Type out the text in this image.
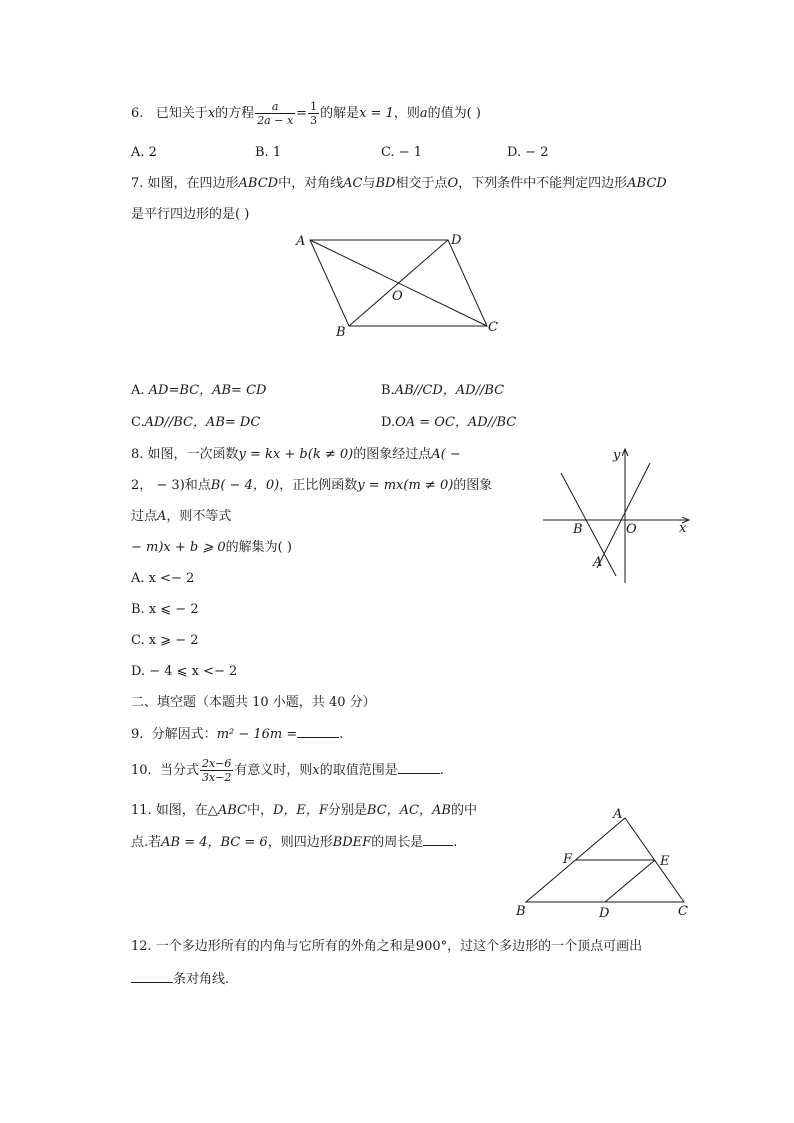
6. 已知关于x的方程 $\frac{a}{2a - x} = \frac{1}{3}$ 的解是x = 1，则a的值为( )
A. 2	B. 1	C. − 1	D. − 2
7. 如图，在四边形ABCD中，对角线AC与BD相交于点O，下列条件中不能判定四边形ABCD
是平行四边形的是( )
A	D
O
B	C
A. AD=BC，AB= CD	B.AB//CD，AD//BC
C.AD//BC，AB= DC	D.OA = OC，AD//BC
8. 如图，一次函数y = kx + b(k ≠ 0)的图象经过点A( −
2， − 3)和点B( − 4，0)，正比例函数y = mx(m ≠ 0)的图象
过点A，则不等式
− m)x + b ⩾ 0的解集为( )
A. x <− 2
B. x ⩽ − 2
C. x ⩾ − 2
D. − 4 ⩽ x <− 2
y
x
O
B
A
二、填空题（本题共 10 小题，共 40 分）
9. 分解因式：m² − 16m =	.
10. 当分式 $\frac{2x-6}{3x-2}$ 有意义时，则x的取值范围是	.
11. 如图，在△ABC中，D，E，F分别是BC，AC，AB的中
点.若AB = 4，BC = 6，则四边形BDEF的周长是 .
A
F	E
B	D	C
12. 一个多边形所有的内角与它所有的外角之和是900°，过这个多边形的一个顶点可画出
条对角线.
